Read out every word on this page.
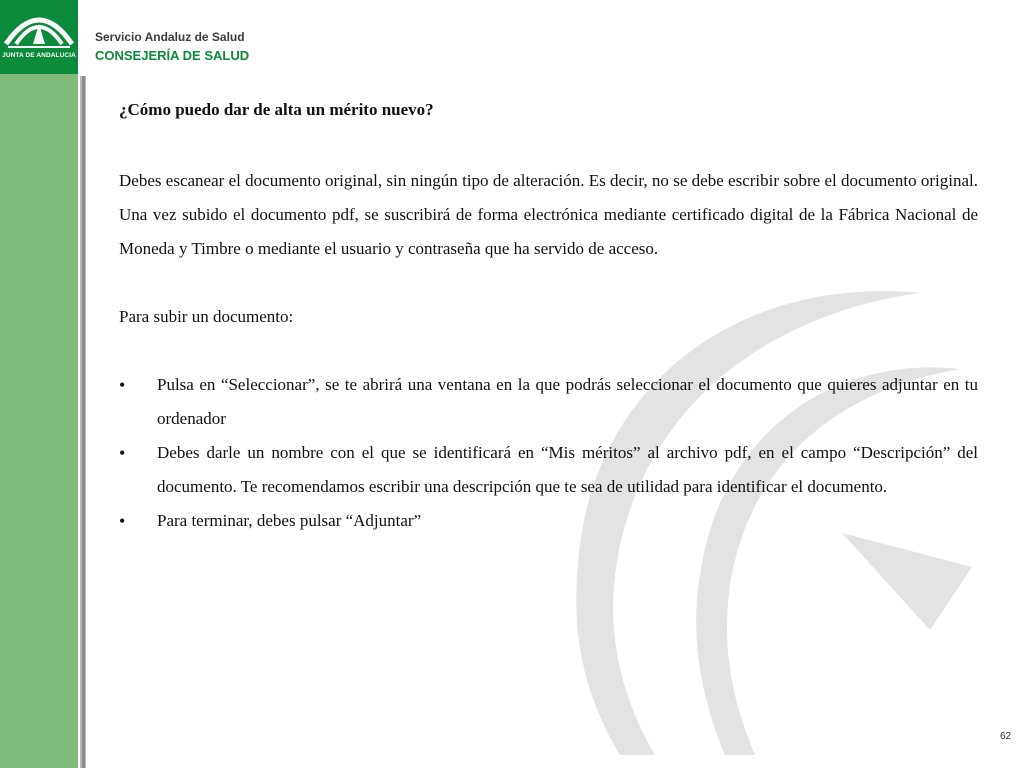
JUNTA DE ANDALUCIA
Servicio Andaluz de Salud
CONSEJERÍA DE SALUD
¿Cómo puedo dar de alta un mérito nuevo?

Debes escanear el documento original, sin ningún tipo de alteración. Es decir, no se debe escribir sobre el documento original. Una vez subido el documento pdf, se suscribirá de forma electrónica mediante certificado digital de la Fábrica Nacional de Moneda y Timbre o mediante el usuario y contraseña que ha servido de acceso.

Para subir un documento:

• Pulsa en “Seleccionar”, se te abrirá una ventana en la que podrás seleccionar el documento que quieres adjuntar en tu ordenador
• Debes darle un nombre con el que se identificará en “Mis méritos” al archivo pdf, en el campo “Descripción” del documento. Te recomendamos escribir una descripción que te sea de utilidad para identificar el documento.
• Para terminar, debes pulsar “Adjuntar”
62
